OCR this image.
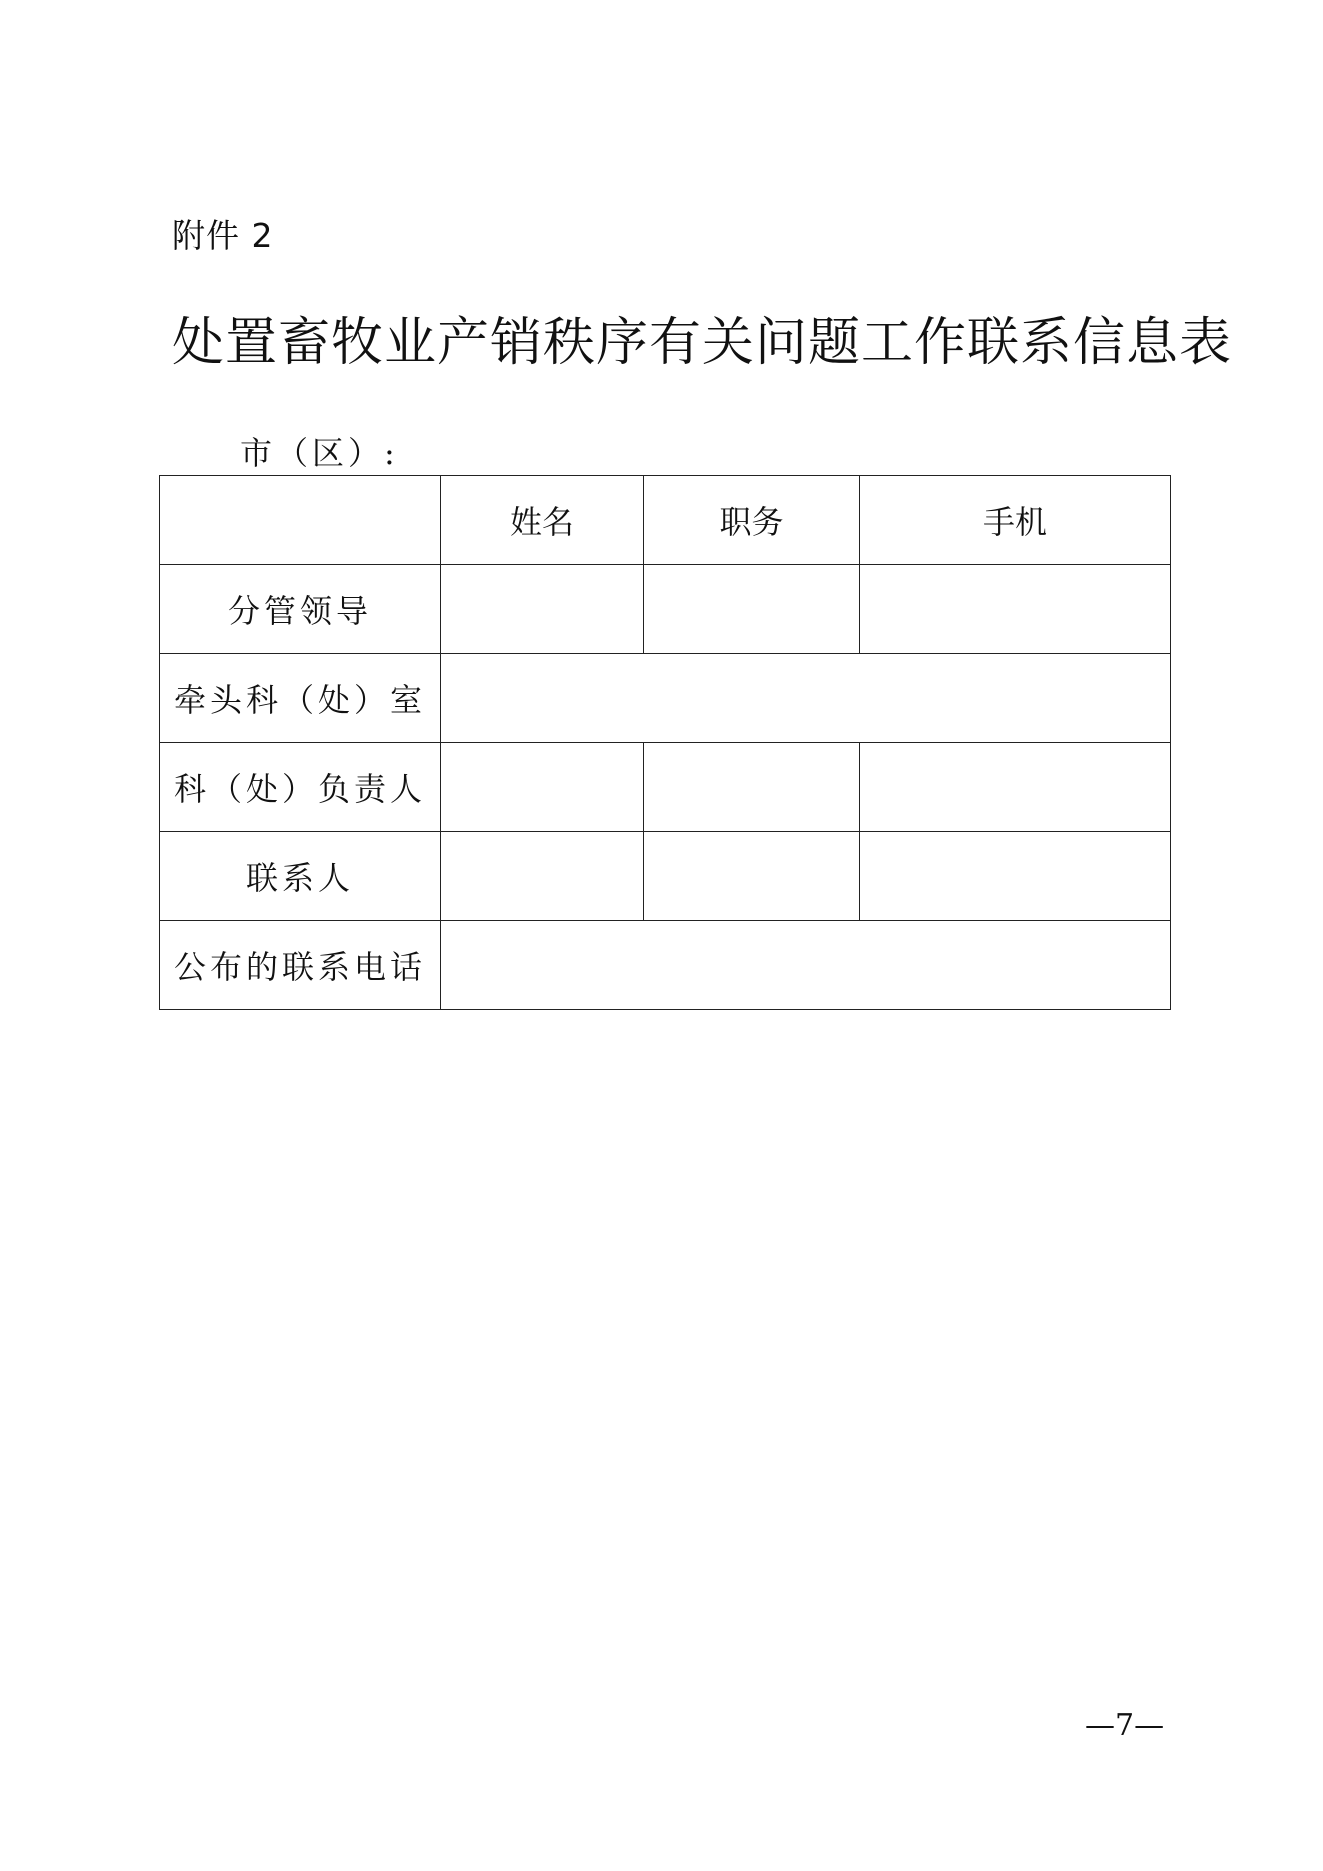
附件 2
处置畜牧业产销秩序有关问题工作联系信息表
市（区）:
	姓名	职务	手机
分管领导			
牵头科（处）室			
科（处）负责人			
联系人			
公布的联系电话			
—7—
